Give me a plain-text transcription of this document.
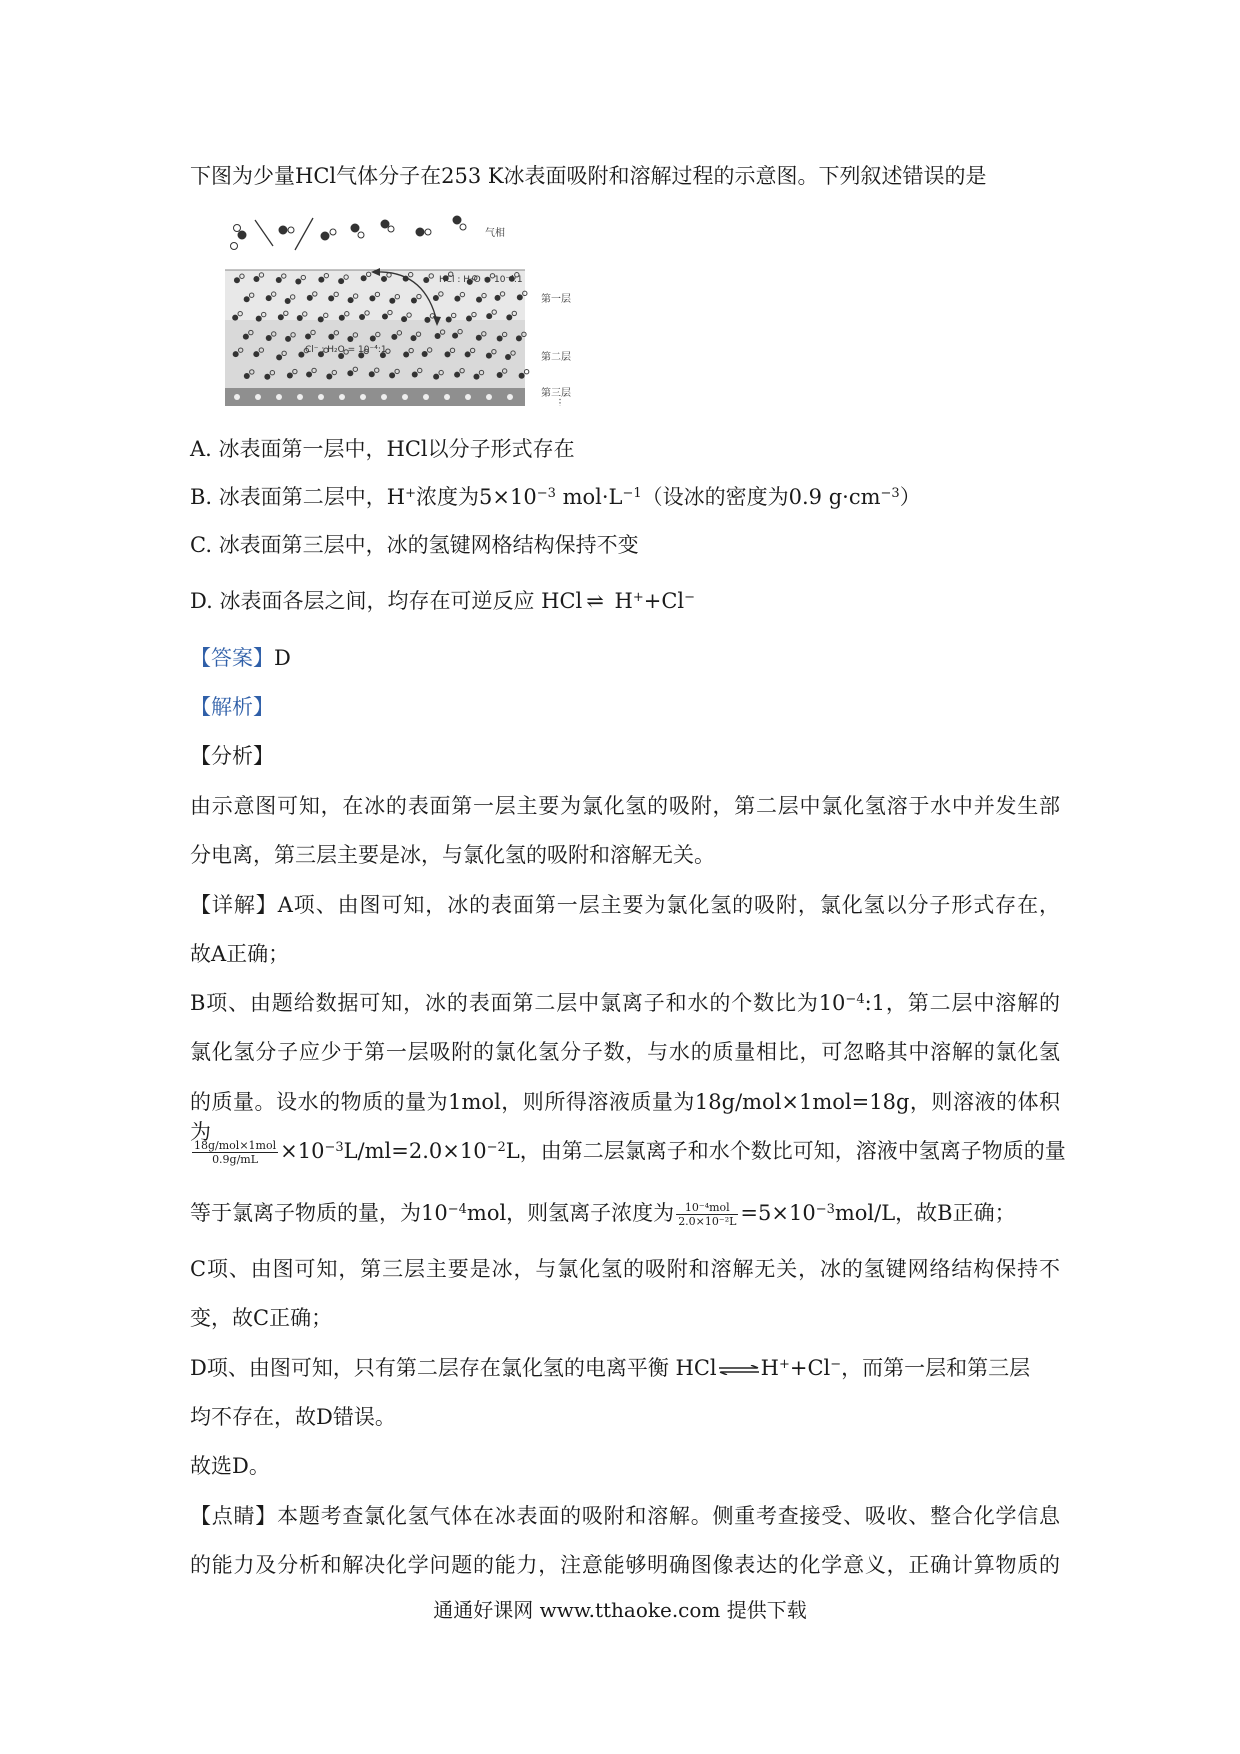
下图为少量HCl气体分子在253 K冰表面吸附和溶解过程的示意图。下列叙述错误的是
气相
HCl : H₂O = 10⁻⁴:1
Cl⁻ : H₂O = 10⁻⁴:1
第一层
第二层
第三层
⋮
A. 冰表面第一层中，HCl以分子形式存在
B. 冰表面第二层中，H+浓度为$5\times 10^{-3}$ $mol\cdot L^{-1}$（设冰的密度为0.9 $g\cdot cm^{-3}$）
C. 冰表面第三层中，冰的氢键网格结构保持不变
D. 冰表面各层之间，均存在可逆反应 HCl ⇌ H++Cl−
【答案】D
【解析】
【分析】
由示意图可知，在冰的表面第一层主要为氯化氢的吸附，第二层中氯化氢溶于水中并发生部
分电离，第三层主要是冰，与氯化氢的吸附和溶解无关。
【详解】A项、由图可知，冰的表面第一层主要为氯化氢的吸附，氯化氢以分子形式存在，
故A正确；
B项、由题给数据可知，冰的表面第二层中氯离子和水的个数比为$10^{-4}:1$，第二层中溶解的
氯化氢分子应少于第一层吸附的氯化氢分子数，与水的质量相比，可忽略其中溶解的氯化氢
的质量。设水的物质的量为1mol，则所得溶液质量为18g/mol×1mol=18g，则溶液的体积为
$\frac{\text{18g/mol×1mol}}{0.9g/mL} \times 10^{-3}L/ml=2.0\times 10^{-2}L$，由第二层氯离子和水个数比可知，溶液中氢离子物质的量
等于氯离子物质的量，为$10^{-4}mol$，则氢离子浓度为 $\frac{\text{10⁻⁴mol}}{\text{2.0×10⁻²L}} =5\times 10^{-3}mol/L$，故B正确；
C项、由图可知，第三层主要是冰，与氯化氢的吸附和溶解无关，冰的氢键网络结构保持不
变，故C正确；
D项、由图可知，只有第二层存在氯化氢的电离平衡 HCl⇌H++Cl−，而第一层和第三层
均不存在，故D错误。
故选D。
【点睛】本题考查氯化氢气体在冰表面的吸附和溶解。侧重考查接受、吸收、整合化学信息
的能力及分析和解决化学问题的能力，注意能够明确图像表达的化学意义，正确计算物质的
通通好课网 www.tthaoke.com 提供下载
